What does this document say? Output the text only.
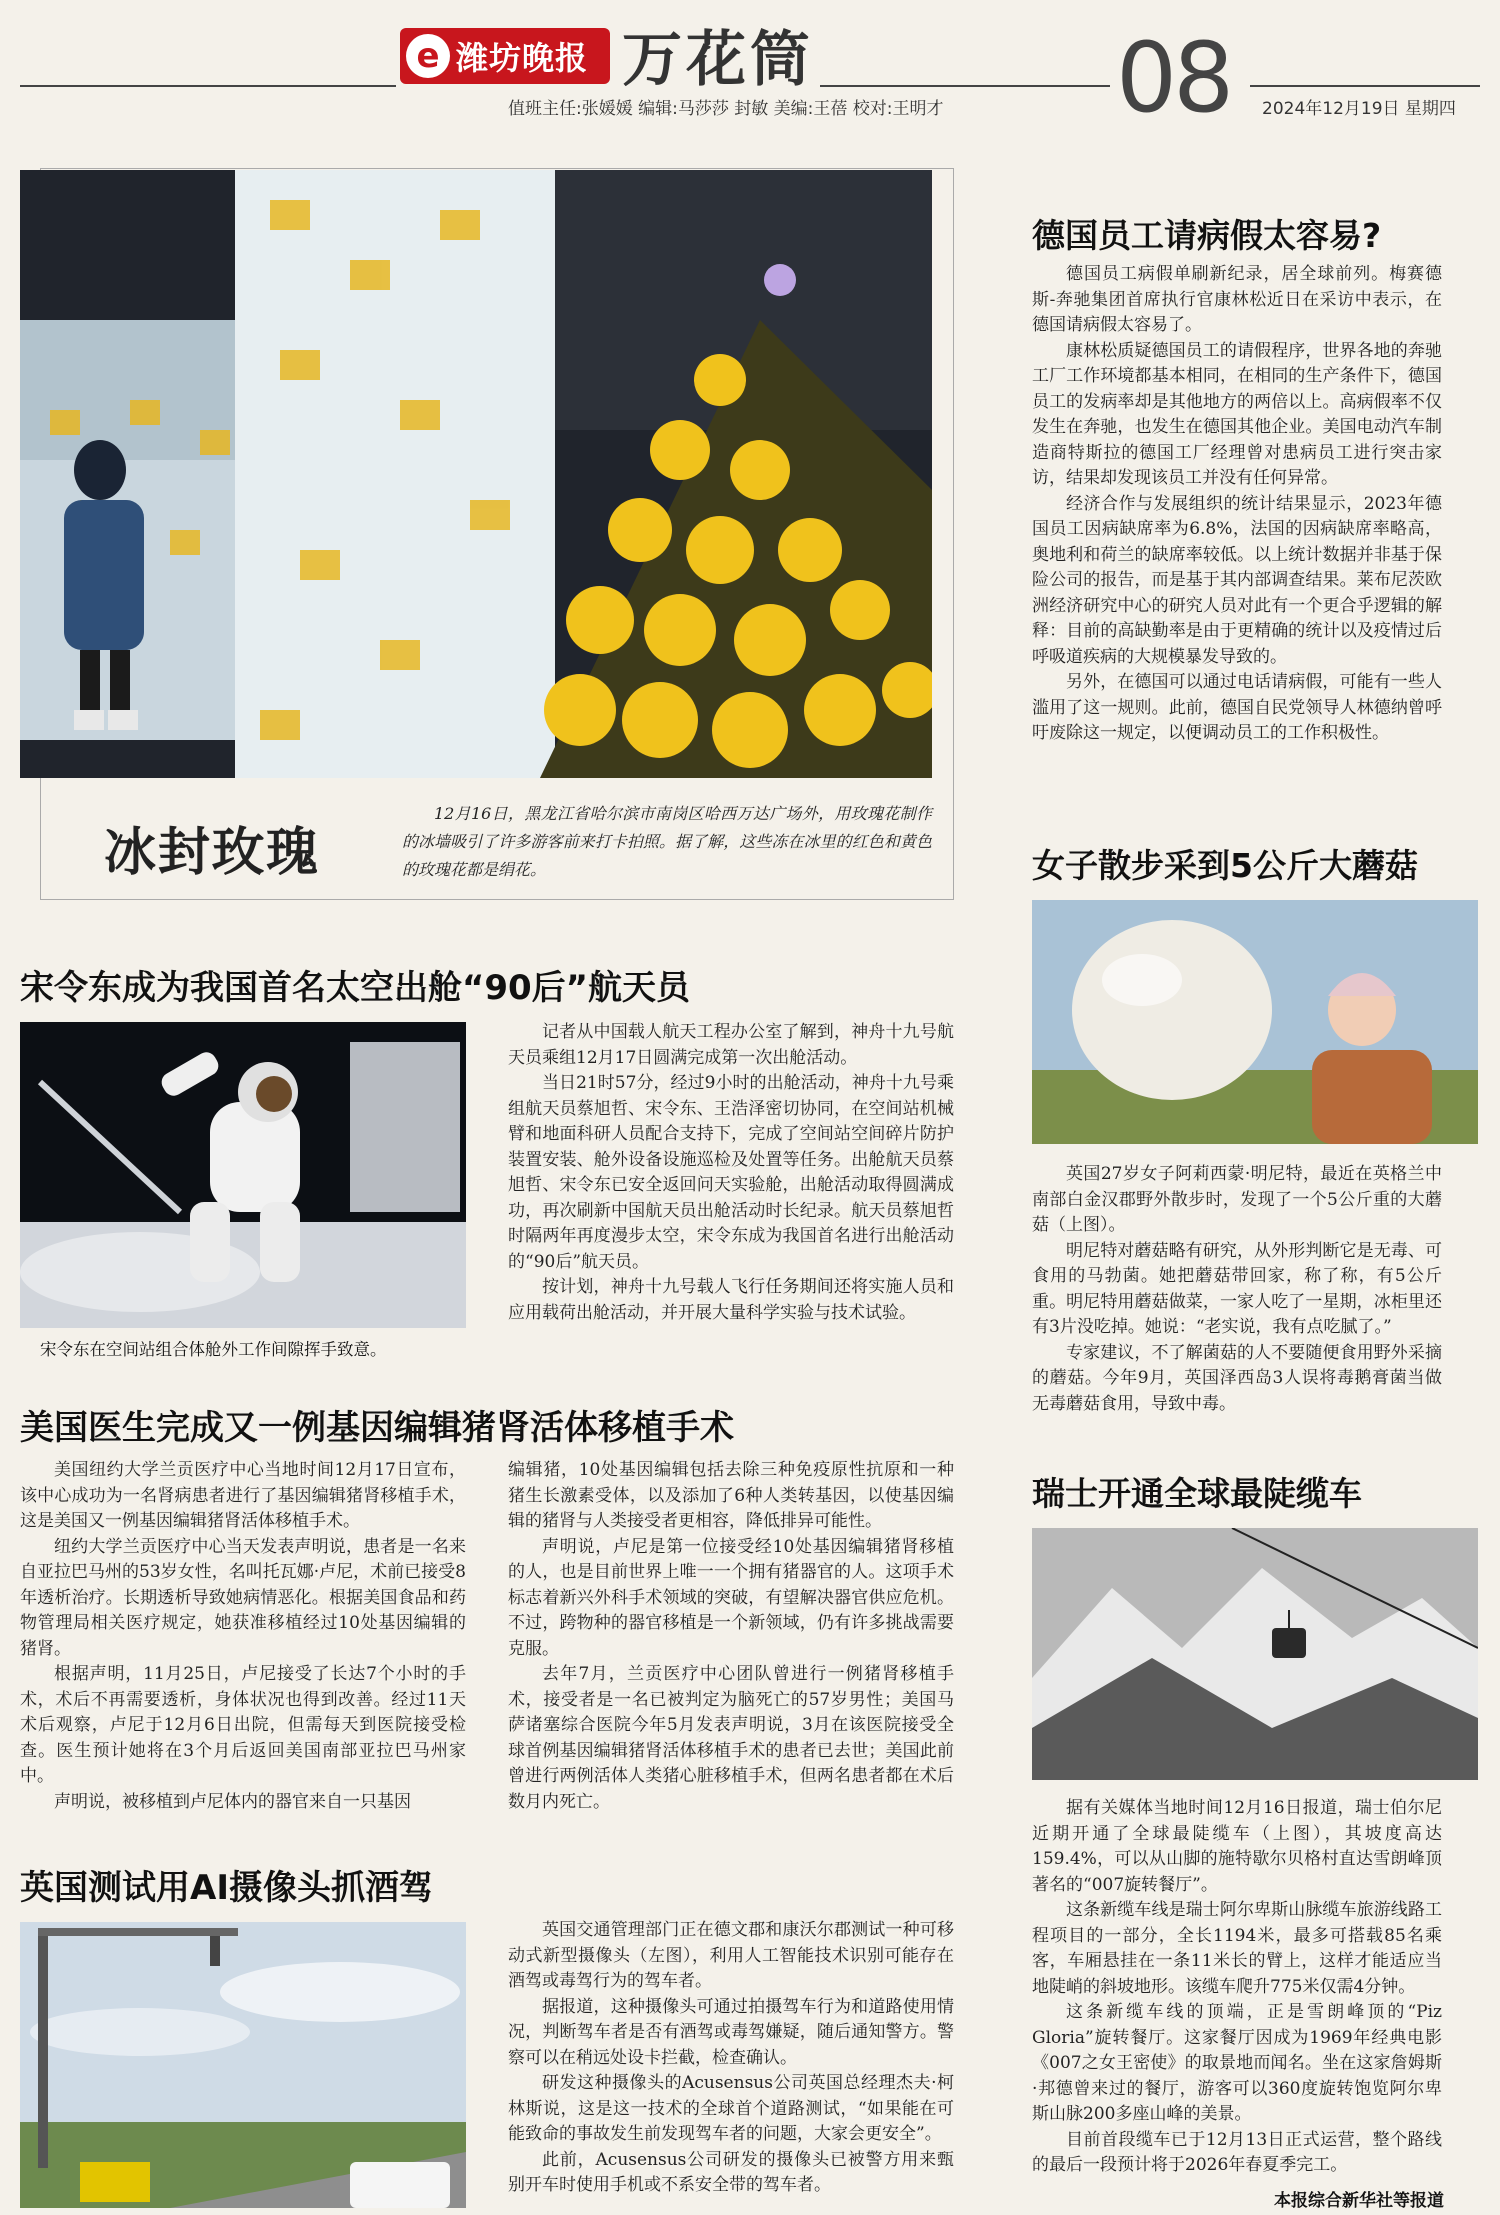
e 潍坊晚报 万花筒
值班主任:张媛媛 编辑:马莎莎 封敏 美编:王蓓 校对:王明才 08 2024年12月19日 星期四
冰封玫瑰

12月16日，黑龙江省哈尔滨市南岗区哈西万达广场外，用玫瑰花制作的冰墙吸引了许多游客前来打卡拍照。据了解，这些冻在冰里的红色和黄色的玫瑰花都是绢花。

宋令东成为我国首名太空出舱“90后”航天员
宋令东在空间站组合体舱外工作间隙挥手致意。

记者从中国载人航天工程办公室了解到，神舟十九号航天员乘组12月17日圆满完成第一次出舱活动。

当日21时57分，经过9小时的出舱活动，神舟十九号乘组航天员蔡旭哲、宋令东、王浩泽密切协同，在空间站机械臂和地面科研人员配合支持下，完成了空间站空间碎片防护装置安装、舱外设备设施巡检及处置等任务。出舱航天员蔡旭哲、宋令东已安全返回问天实验舱，出舱活动取得圆满成功，再次刷新中国航天员出舱活动时长纪录。航天员蔡旭哲时隔两年再度漫步太空，宋令东成为我国首名进行出舱活动的“90后”航天员。

按计划，神舟十九号载人飞行任务期间还将实施人员和应用载荷出舱活动，并开展大量科学实验与技术试验。

美国医生完成又一例基因编辑猪肾活体移植手术

美国纽约大学兰贡医疗中心当地时间12月17日宣布，该中心成功为一名肾病患者进行了基因编辑猪肾移植手术，这是美国又一例基因编辑猪肾活体移植手术。

纽约大学兰贡医疗中心当天发表声明说，患者是一名来自亚拉巴马州的53岁女性，名叫托瓦娜·卢尼，术前已接受8年透析治疗。长期透析导致她病情恶化。根据美国食品和药物管理局相关医疗规定，她获准移植经过10处基因编辑的猪肾。

根据声明，11月25日，卢尼接受了长达7个小时的手术，术后不再需要透析，身体状况也得到改善。经过11天术后观察，卢尼于12月6日出院，但需每天到医院接受检查。医生预计她将在3个月后返回美国南部亚拉巴马州家中。

声明说，被移植到卢尼体内的器官来自一只基因

编辑猪，10处基因编辑包括去除三种免疫原性抗原和一种猪生长激素受体，以及添加了6种人类转基因，以使基因编辑的猪肾与人类接受者更相容，降低排异可能性。

声明说，卢尼是第一位接受经10处基因编辑猪肾移植的人，也是目前世界上唯一一个拥有猪器官的人。这项手术标志着新兴外科手术领域的突破，有望解决器官供应危机。不过，跨物种的器官移植是一个新领域，仍有许多挑战需要克服。

去年7月，兰贡医疗中心团队曾进行一例猪肾移植手术，接受者是一名已被判定为脑死亡的57岁男性；美国马萨诸塞综合医院今年5月发表声明说，3月在该医院接受全球首例基因编辑猪肾活体移植手术的患者已去世；美国此前曾进行两例活体人类猪心脏移植手术，但两名患者都在术后数月内死亡。

英国测试用AI摄像头抓酒驾

英国交通管理部门正在德文郡和康沃尔郡测试一种可移动式新型摄像头（左图），利用人工智能技术识别可能存在酒驾或毒驾行为的驾车者。

据报道，这种摄像头可通过拍摄驾车行为和道路使用情况，判断驾车者是否有酒驾或毒驾嫌疑，随后通知警方。警察可以在稍远处设卡拦截，检查确认。

研发这种摄像头的Acusensus公司英国总经理杰夫·柯林斯说，这是这一技术的全球首个道路测试，“如果能在可能致命的事故发生前发现驾车者的问题，大家会更安全”。

此前，Acusensus公司研发的摄像头已被警方用来甄别开车时使用手机或不系安全带的驾车者。

德国员工请病假太容易?

德国员工病假单刷新纪录，居全球前列。梅赛德斯-奔驰集团首席执行官康林松近日在采访中表示，在德国请病假太容易了。

康林松质疑德国员工的请假程序，世界各地的奔驰工厂工作环境都基本相同，在相同的生产条件下，德国员工的发病率却是其他地方的两倍以上。高病假率不仅发生在奔驰，也发生在德国其他企业。美国电动汽车制造商特斯拉的德国工厂经理曾对患病员工进行突击家访，结果却发现该员工并没有任何异常。

经济合作与发展组织的统计结果显示，2023年德国员工因病缺席率为6.8%，法国的因病缺席率略高，奥地利和荷兰的缺席率较低。以上统计数据并非基于保险公司的报告，而是基于其内部调查结果。莱布尼茨欧洲经济研究中心的研究人员对此有一个更合乎逻辑的解释：目前的高缺勤率是由于更精确的统计以及疫情过后呼吸道疾病的大规模暴发导致的。

另外，在德国可以通过电话请病假，可能有一些人滥用了这一规则。此前，德国自民党领导人林德纳曾呼吁废除这一规定，以便调动员工的工作积极性。

女子散步采到5公斤大蘑菇

英国27岁女子阿莉西蒙·明尼特，最近在英格兰中南部白金汉郡野外散步时，发现了一个5公斤重的大蘑菇（上图）。

明尼特对蘑菇略有研究，从外形判断它是无毒、可食用的马勃菌。她把蘑菇带回家，称了称，有5公斤重。明尼特用蘑菇做菜，一家人吃了一星期，冰柜里还有3片没吃掉。她说：“老实说，我有点吃腻了。”

专家建议，不了解菌菇的人不要随便食用野外采摘的蘑菇。今年9月，英国泽西岛3人误将毒鹅膏菌当做无毒蘑菇食用，导致中毒。

瑞士开通全球最陡缆车

据有关媒体当地时间12月16日报道，瑞士伯尔尼近期开通了全球最陡缆车（上图），其坡度高达159.4%，可以从山脚的施特歇尔贝格村直达雪朗峰顶著名的“007旋转餐厅”。

这条新缆车线是瑞士阿尔卑斯山脉缆车旅游线路工程项目的一部分，全长1194米，最多可搭载85名乘客，车厢悬挂在一条11米长的臂上，这样才能适应当地陡峭的斜坡地形。该缆车爬升775米仅需4分钟。

这条新缆车线的顶端，正是雪朗峰顶的“Piz Gloria”旋转餐厅。这家餐厅因成为1969年经典电影《007之女王密使》的取景地而闻名。坐在这家詹姆斯·邦德曾来过的餐厅，游客可以360度旋转饱览阿尔卑斯山脉200多座山峰的美景。

目前首段缆车已于12月13日正式运营，整个路线的最后一段预计将于2026年春夏季完工。

本报综合新华社等报道
